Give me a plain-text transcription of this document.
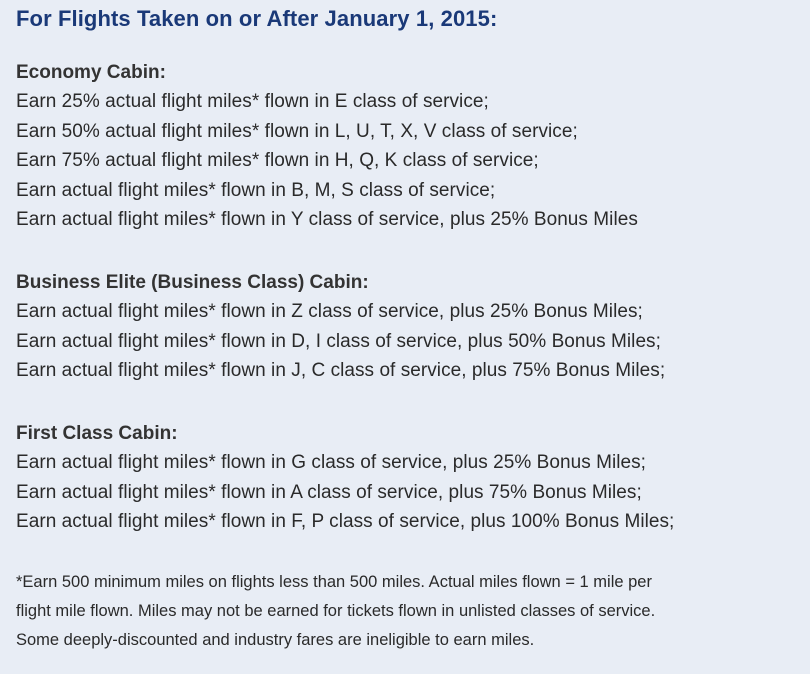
For Flights Taken on or After January 1, 2015:
Economy Cabin:
Earn 25% actual flight miles* flown in E class of service;
Earn 50% actual flight miles* flown in L, U, T, X, V class of service;
Earn 75% actual flight miles* flown in H, Q, K class of service;
Earn actual flight miles* flown in B, M, S class of service;
Earn actual flight miles* flown in Y class of service, plus 25% Bonus Miles
Business Elite (Business Class) Cabin:
Earn actual flight miles* flown in Z class of service, plus 25% Bonus Miles;
Earn actual flight miles* flown in D, I class of service, plus 50% Bonus Miles;
Earn actual flight miles* flown in J, C class of service, plus 75% Bonus Miles;
First Class Cabin:
Earn actual flight miles* flown in G class of service, plus 25% Bonus Miles;
Earn actual flight miles* flown in A class of service, plus 75% Bonus Miles;
Earn actual flight miles* flown in F, P class of service, plus 100% Bonus Miles;
*Earn 500 minimum miles on flights less than 500 miles. Actual miles flown = 1 mile per
flight mile flown. Miles may not be earned for tickets flown in unlisted classes of service.
Some deeply-discounted and industry fares are ineligible to earn miles.
